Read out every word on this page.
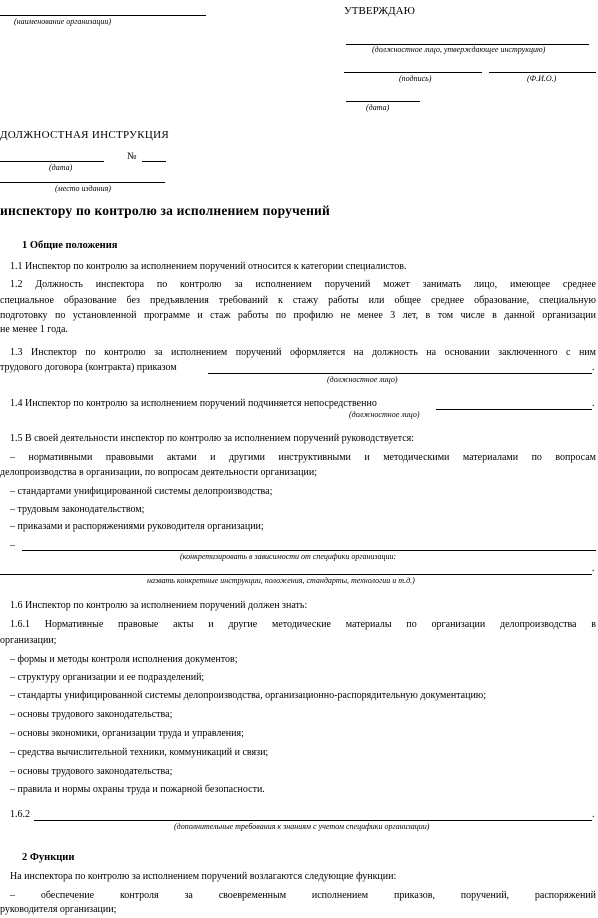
(наименование организации)
УТВЕРЖДАЮ
(должностное лицо, утверждающее инструкцию)
(подпись)	(Ф.И.О.)
(дата)
ДОЛЖНОСТНАЯ ИНСТРУКЦИЯ
№
(дата)
(место издания)
инспектору по контролю за исполнением поручений
1 Общие положения
1.1 Инспектор по контролю за исполнением поручений относится к категории специалистов.
1.2 Должность инспектора по контролю за исполнением поручений может занимать лицо, имеющее среднее
специальное образование без предъявления требований к стажу работы или общее среднее образование, специальную
подготовку по установленной программе и стаж работы по профилю не менее 3 лет, в том числе в данной организации
не менее 1 года.
1.3 Инспектор по контролю за исполнением поручений оформляется на должность на основании заключенного с ним
трудового договора (контракта) приказом	.
(должностное лицо)
1.4 Инспектор по контролю за исполнением поручений подчиняется непосредственно	.
(должностное лицо)
1.5 В своей деятельности инспектор по контролю за исполнением поручений руководствуется:
– нормативными правовыми актами и другими инструктивными и методическими материалами по вопросам
делопроизводства в организации, по вопросам деятельности организации;
– стандартами унифицированной системы делопроизводства;
– трудовым законодательством;
– приказами и распоряжениями руководителя организации;
–
(конкретизировать в зависимости от специфики организации:
.
назвать конкретные инструкции, положения, стандарты, технологии и т.д.)
1.6 Инспектор по контролю за исполнением поручений должен знать:
1.6.1 Нормативные правовые акты и другие методические материалы по организации делопроизводства в
организации;
– формы и методы контроля исполнения документов;
– структуру организации и ее подразделений;
– стандарты унифицированной системы делопроизводства, организационно-распорядительную документацию;
– основы трудового законодательства;
– основы экономики, организации труда и управления;
– средства вычислительной техники, коммуникаций и связи;
– основы трудового законодательства;
– правила и нормы охраны труда и пожарной безопасности.
1.6.2	.
(дополнительные требования к знаниям с учетом специфики организации)
2 Функции
На инспектора по контролю за исполнением поручений возлагаются следующие функции:
– обеспечение контроля за своевременным исполнением приказов, поручений, распоряжений
руководителя организации;
